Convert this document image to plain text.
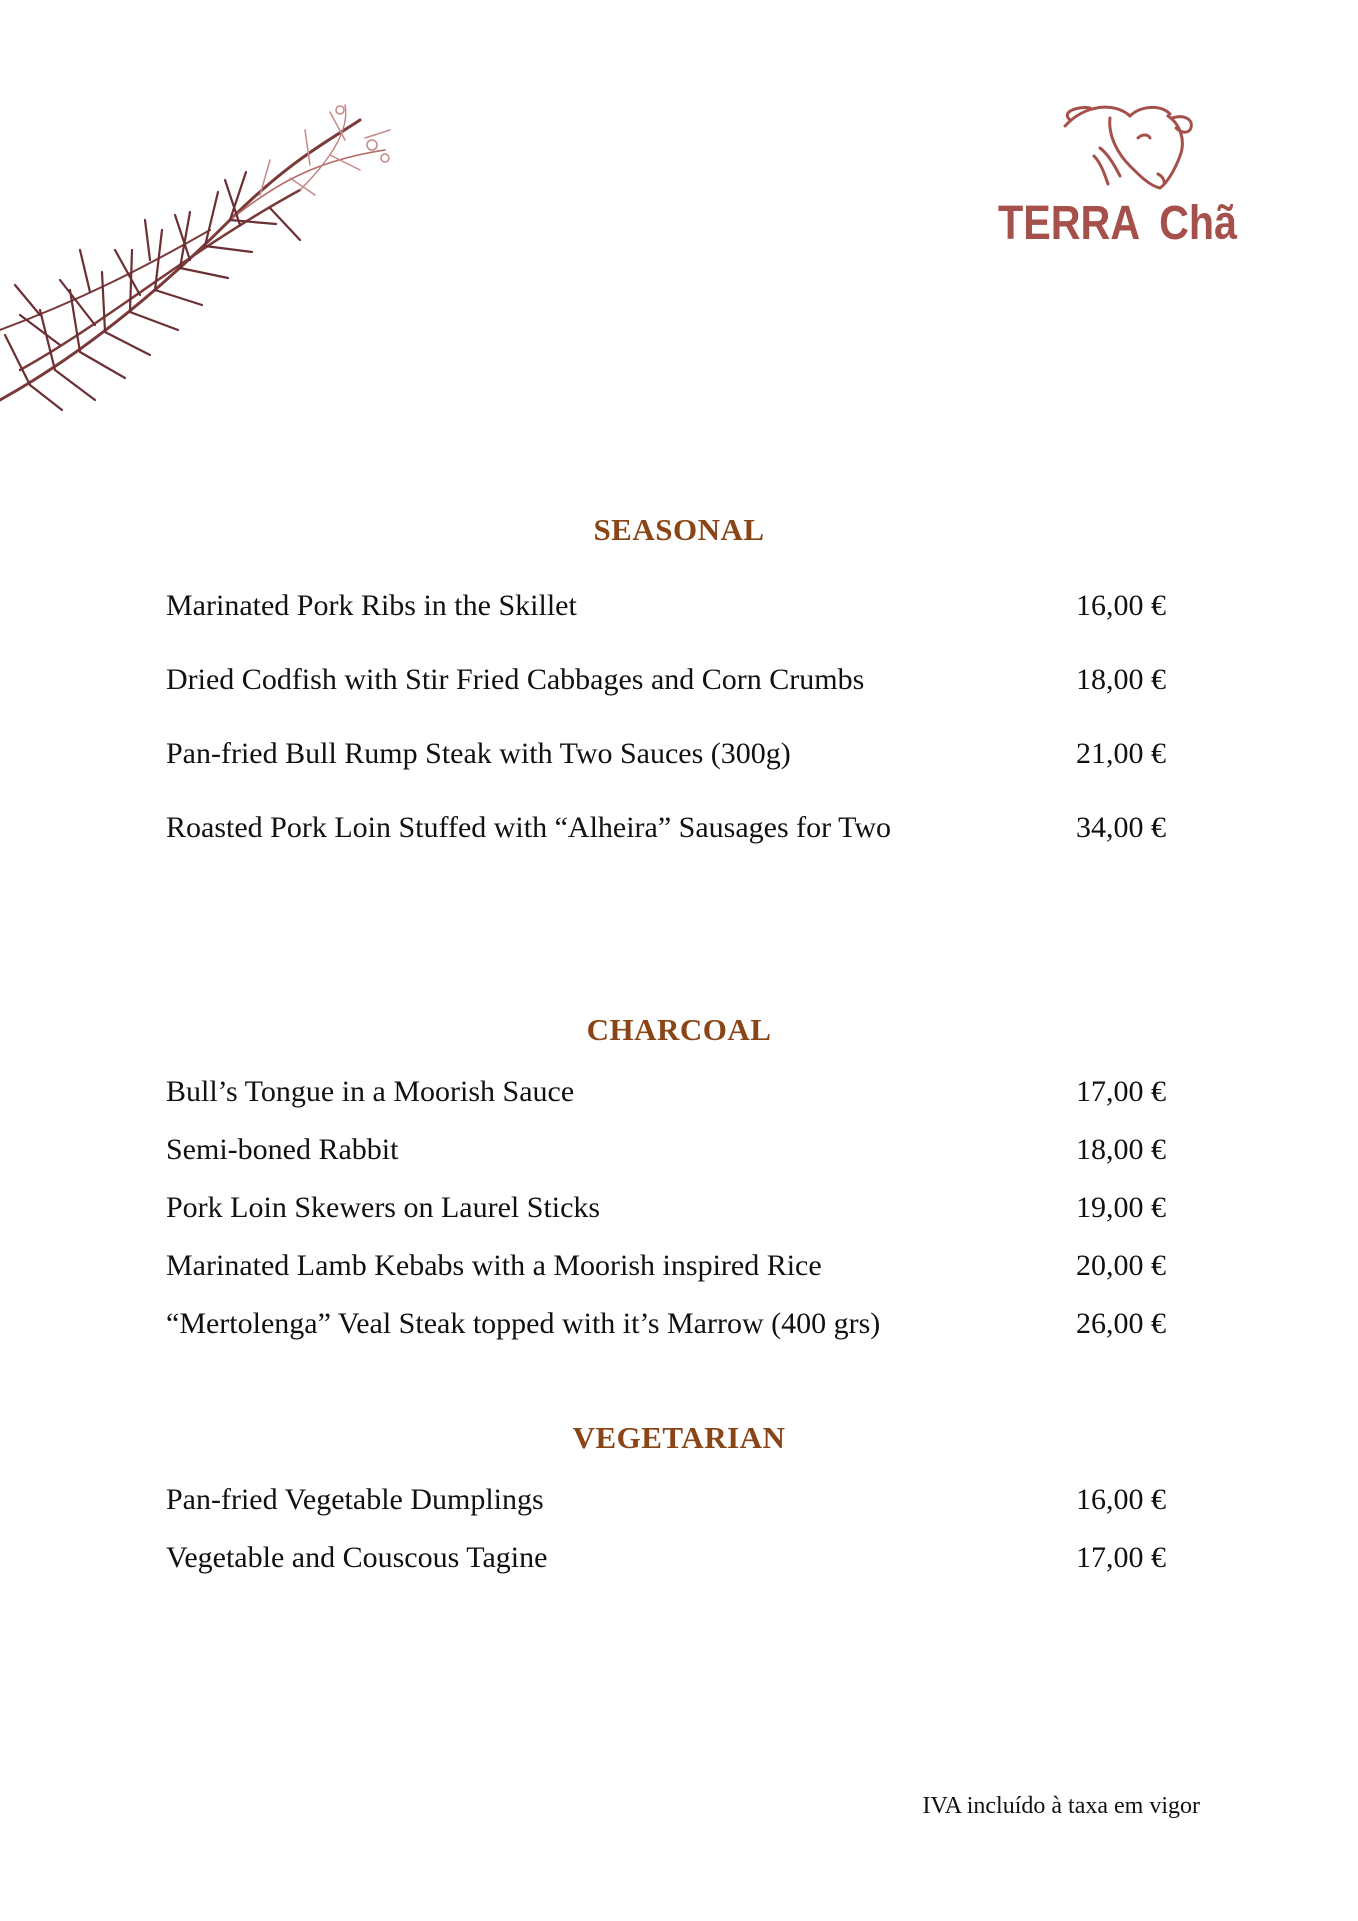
TERRA Chã
SEASONAL
Marinated Pork Ribs in the Skillet	16,00 €
Dried Codfish with Stir Fried Cabbages and Corn Crumbs	18,00 €
Pan-fried Bull Rump Steak with Two Sauces (300g)	21,00 €
Roasted Pork Loin Stuffed with “Alheira” Sausages for Two	34,00 €
CHARCOAL
Bull’s Tongue in a Moorish Sauce	17,00 €
Semi-boned Rabbit	18,00 €
Pork Loin Skewers on Laurel Sticks	19,00 €
Marinated Lamb Kebabs with a Moorish inspired Rice	20,00 €
“Mertolenga” Veal Steak topped with it’s Marrow (400 grs)	26,00 €
VEGETARIAN
Pan-fried Vegetable Dumplings	16,00 €
Vegetable and Couscous Tagine	17,00 €
IVA incluído à taxa em vigor
